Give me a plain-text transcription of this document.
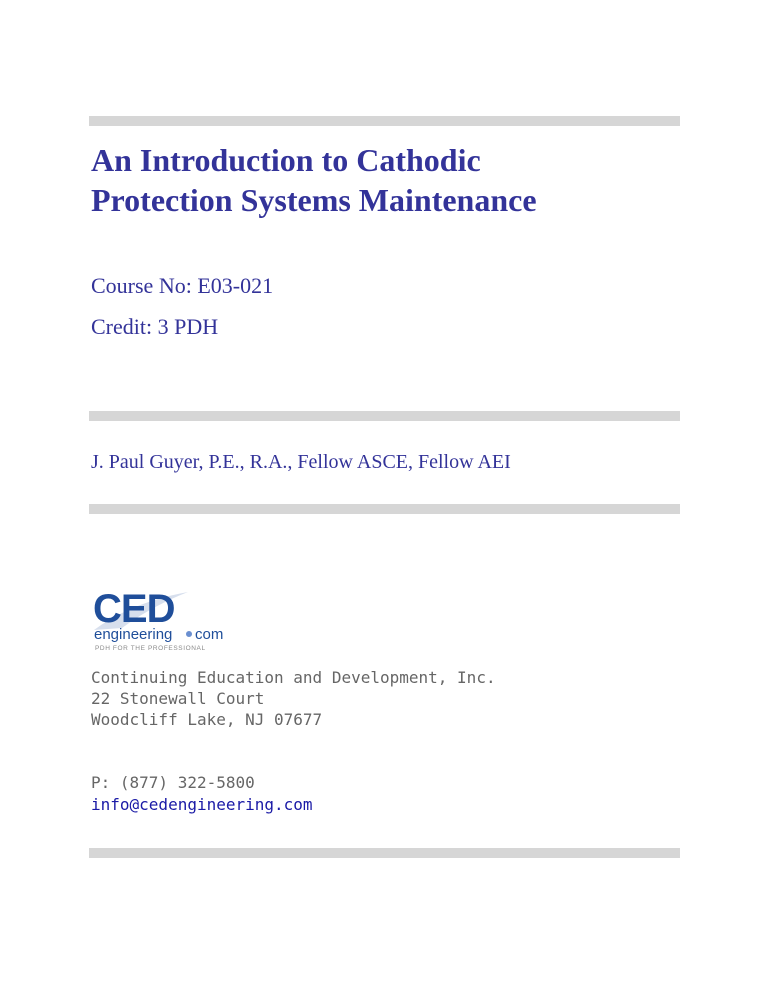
An Introduction to Cathodic
Protection Systems Maintenance
Course No: E03-021
Credit: 3 PDH
J. Paul Guyer, P.E., R.A., Fellow ASCE, Fellow AEI
CED
engineering com
PDH FOR THE PROFESSIONAL
Continuing Education and Development, Inc.
22 Stonewall Court
Woodcliff Lake, NJ 07677
P: (877) 322-5800
info@cedengineering.com
